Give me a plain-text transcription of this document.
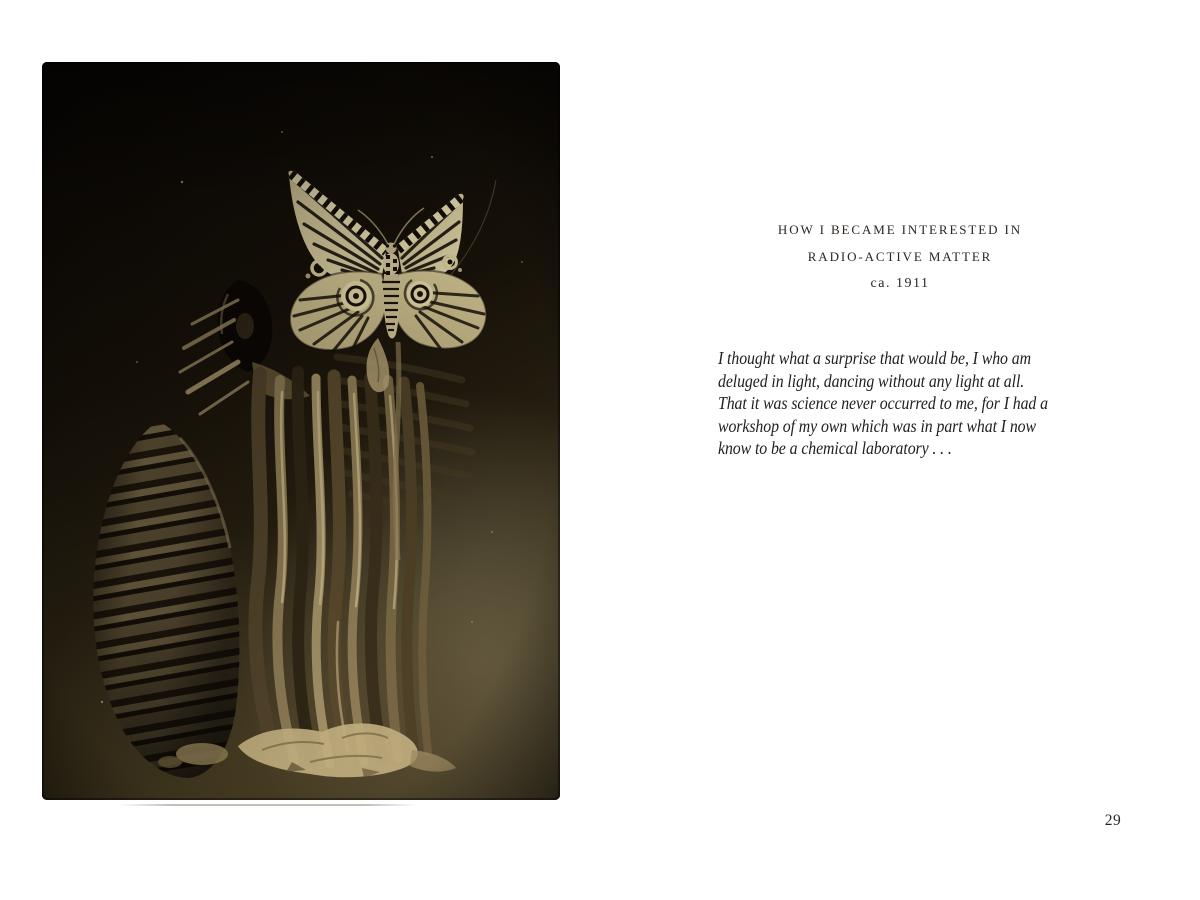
HOW I BECAME INTERESTED IN
RADIO-ACTIVE MATTER
ca. 1911
I thought what a surprise that would be, I who am
deluged in light, dancing without any light at all.
That it was science never occurred to me, for I had a
workshop of my own which was in part what I now
know to be a chemical laboratory . . .
29
